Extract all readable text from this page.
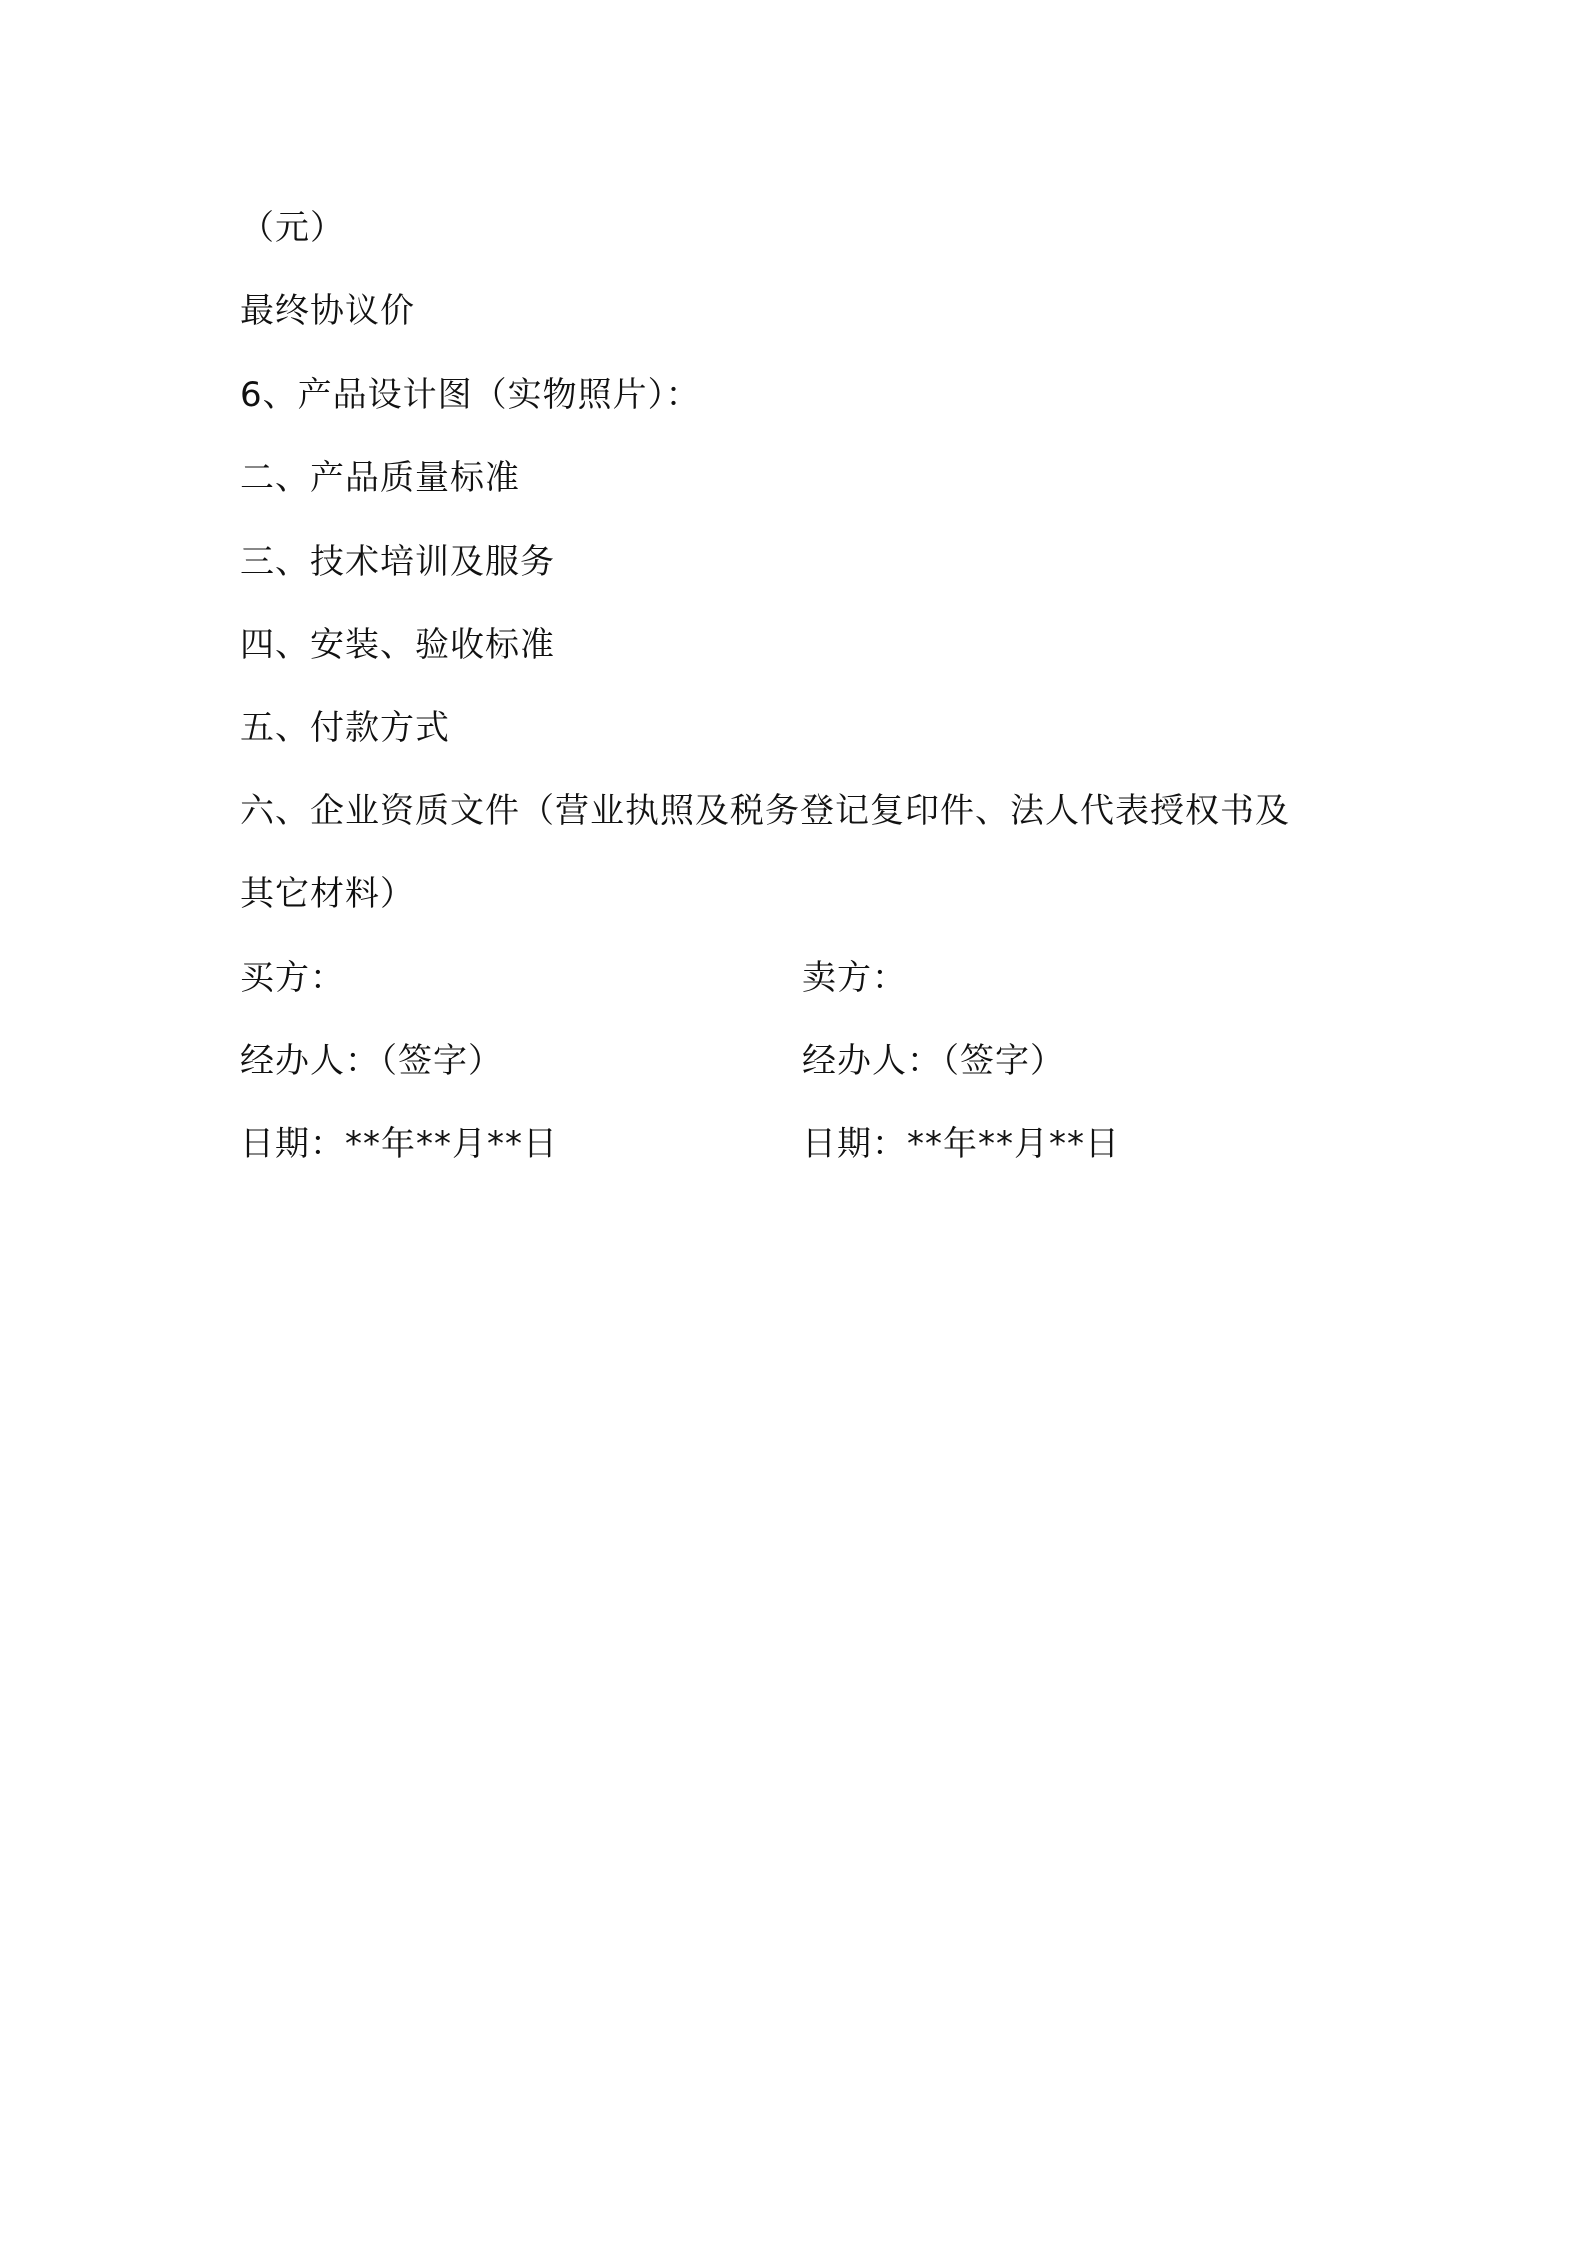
（元）
最终协议价
6、产品设计图（实物照片）：
二、产品质量标准
三、技术培训及服务
四、安装、验收标准
五、付款方式
六、企业资质文件（营业执照及税务登记复印件、法人代表授权书及
其它材料）
买方：	卖方：
经办人：（签字）	经办人：（签字）
日期：**年**月**日	日期：**年**月**日
